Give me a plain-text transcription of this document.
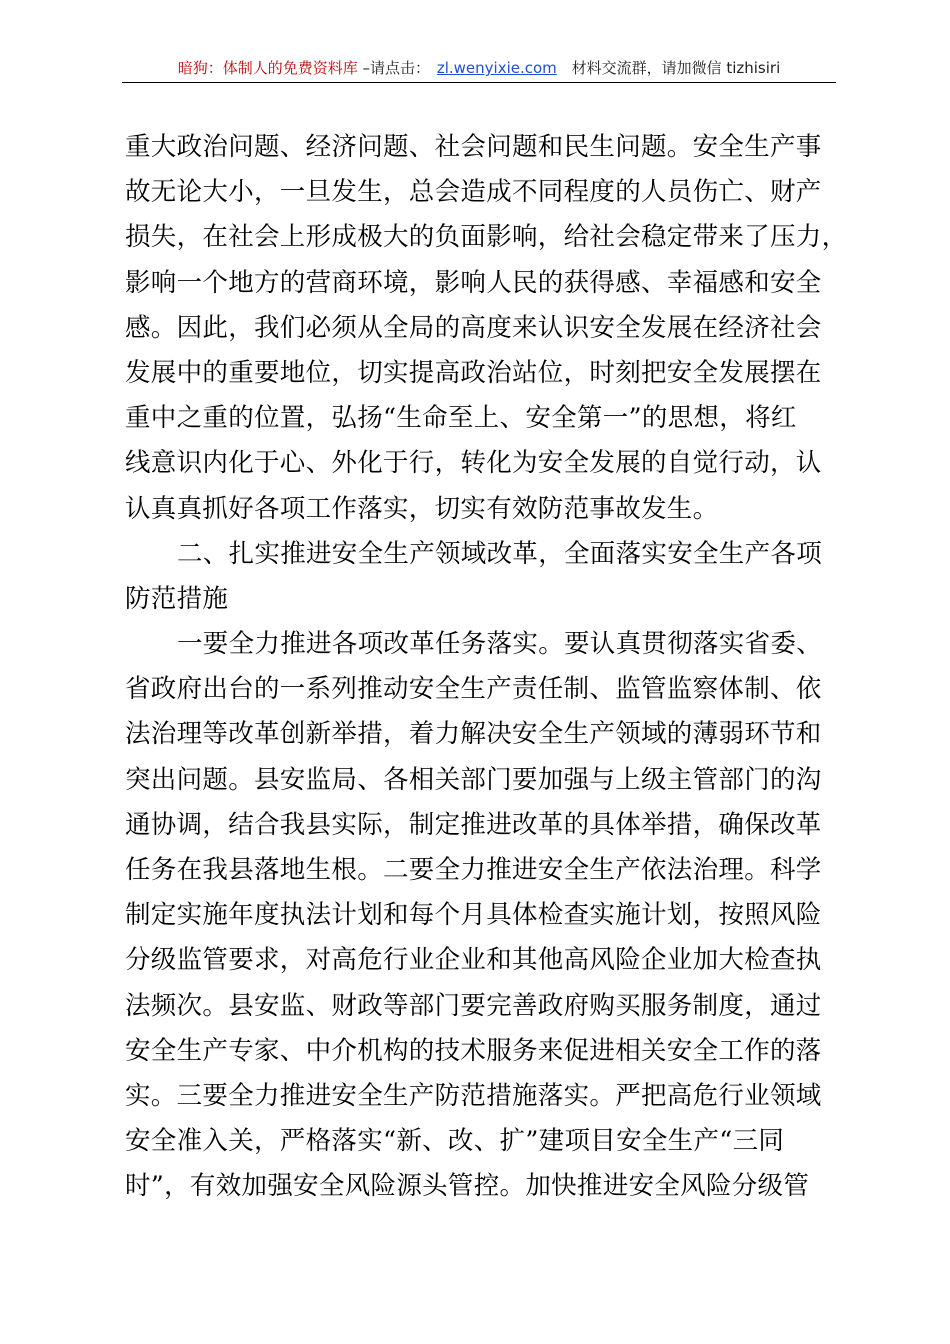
暗狗：体制人的免费资料库 –请点击： zl.wenyixie.com 材料交流群，请加微信 tizhisiri
重大政治问题、经济问题、社会问题和民生问题。安全生产事
故无论大小，一旦发生，总会造成不同程度的人员伤亡、财产
损失，在社会上形成极大的负面影响，给社会稳定带来了压力，
影响一个地方的营商环境，影响人民的获得感、幸福感和安全
感。因此，我们必须从全局的高度来认识安全发展在经济社会
发展中的重要地位，切实提高政治站位，时刻把安全发展摆在
重中之重的位置，弘扬“生命至上、安全第一”的思想，将红
线意识内化于心、外化于行，转化为安全发展的自觉行动，认
认真真抓好各项工作落实，切实有效防范事故发生。
二、扎实推进安全生产领域改革，全面落实安全生产各项
防范措施
一要全力推进各项改革任务落实。要认真贯彻落实省委、
省政府出台的一系列推动安全生产责任制、监管监察体制、依
法治理等改革创新举措，着力解决安全生产领域的薄弱环节和
突出问题。县安监局、各相关部门要加强与上级主管部门的沟
通协调，结合我县实际，制定推进改革的具体举措，确保改革
任务在我县落地生根。二要全力推进安全生产依法治理。科学
制定实施年度执法计划和每个月具体检查实施计划，按照风险
分级监管要求，对高危行业企业和其他高风险企业加大检查执
法频次。县安监、财政等部门要完善政府购买服务制度，通过
安全生产专家、中介机构的技术服务来促进相关安全工作的落
实。三要全力推进安全生产防范措施落实。严把高危行业领域
安全准入关，严格落实“新、改、扩”建项目安全生产“三同
时”，有效加强安全风险源头管控。加快推进安全风险分级管
